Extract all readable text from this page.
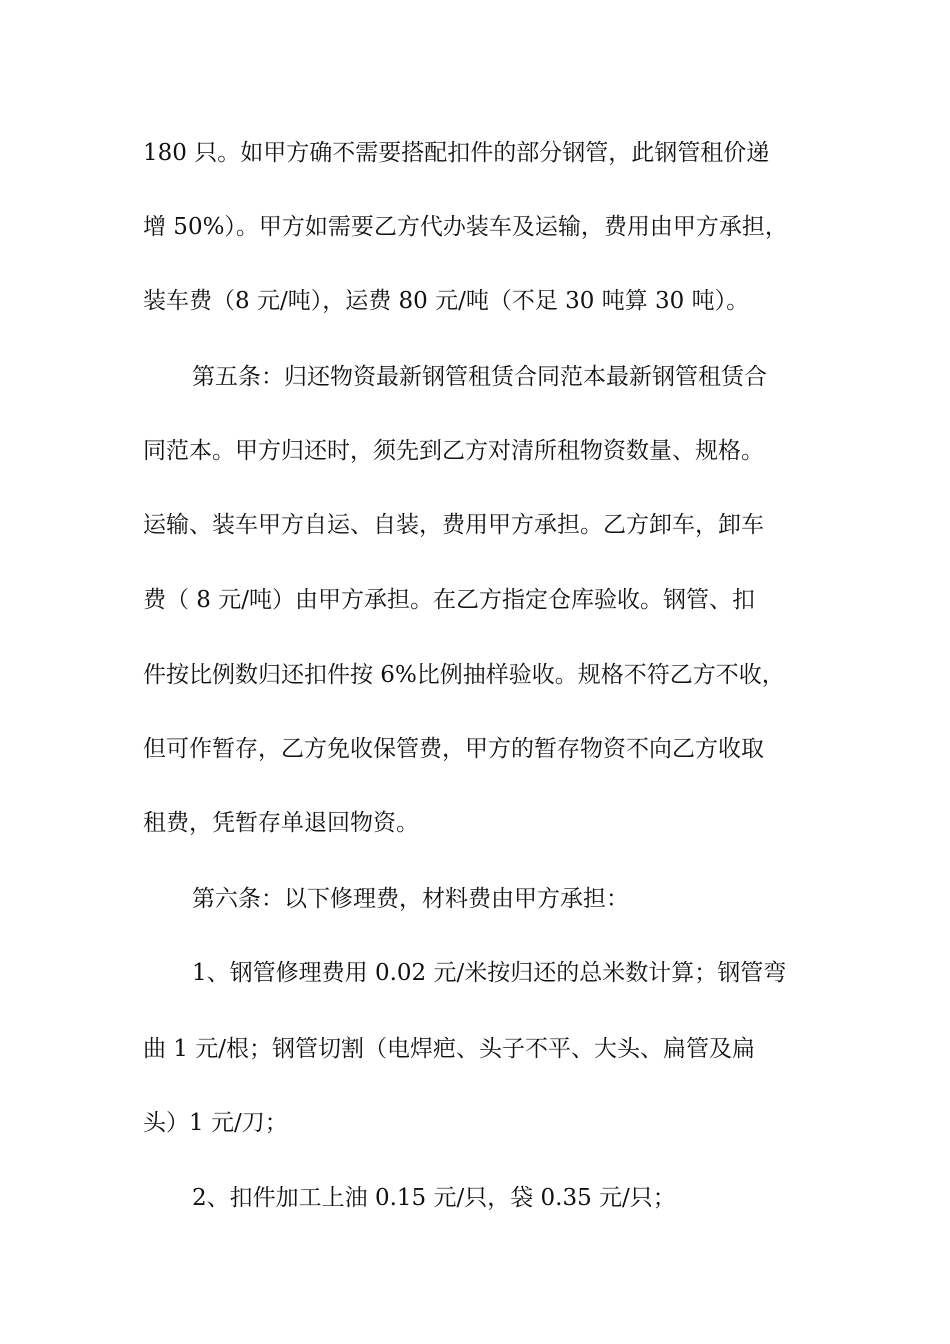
180 只。如甲方确不需要搭配扣件的部分钢管，此钢管租价递
增 50%）。甲方如需要乙方代办装车及运输，费用由甲方承担，
装车费（8 元/吨），运费 80 元/吨（不足 30 吨算 30 吨）。
第五条：归还物资最新钢管租赁合同范本最新钢管租赁合
同范本。甲方归还时，须先到乙方对清所租物资数量、规格。
运输、装车甲方自运、自装，费用甲方承担。乙方卸车，卸车
费（ 8 元/吨）由甲方承担。在乙方指定仓库验收。钢管、扣
件按比例数归还扣件按 6%比例抽样验收。规格不符乙方不收，
但可作暂存，乙方免收保管费，甲方的暂存物资不向乙方收取
租费，凭暂存单退回物资。
第六条：以下修理费，材料费由甲方承担：
1、钢管修理费用 0.02 元/米按归还的总米数计算；钢管弯
曲 1 元/根；钢管切割（电焊疤、头子不平、大头、扁管及扁
头）1 元/刀；
2、扣件加工上油 0.15 元/只，袋 0.35 元/只；
